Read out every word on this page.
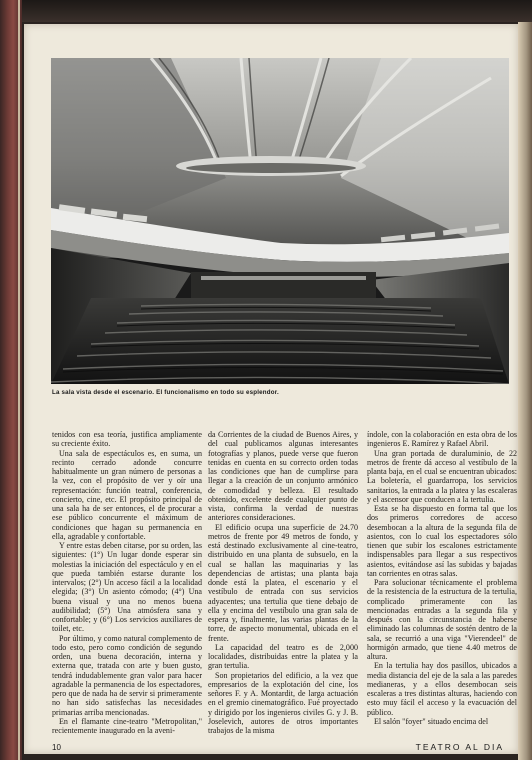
La sala vista desde el escenario. El funcionalismo en todo su esplendor.

tenidos con esa teoría, justifica ampliamente su creciente éxito.

Una sala de espectáculos es, en suma, un recinto cerrado adonde concurre habitualmente un gran número de personas a la vez, con el propósito de ver y oír una representación: función teatral, conferencia, concierto, cine, etc. El propósito principal de una sala ha de ser entonces, el de procurar a ese público concurrente el máximum de condiciones que hagan su permanencia en ella, agradable y confortable.

Y entre estas deben citarse, por su orden, las siguientes: (1°) Un lugar donde esperar sin molestias la iniciación del espectáculo y en el que pueda también estarse durante los intervalos; (2°) Un acceso fácil a la localidad elegida; (3°) Un asiento cómodo; (4°) Una buena visual y una no menos buena audibilidad; (5°) Una atmósfera sana y confortable; y (6°) Los servicios auxiliares de toilet, etc.

Por último, y como natural complemento de todo esto, pero como condición de segundo orden, una buena decoración, interna y externa que, tratada con arte y buen gusto, tendrá indudablemente gran valor para hacer agradable la permanencia de los espectadores, pero que de nada ha de servir si primeramente no han sido satisfechas las necesidades primarias arriba mencionadas.

En el flamante cine-teatro "Metropolitan," recientemente inaugurado en la aveni-

da Corrientes de la ciudad de Buenos Aires, y del cual publicamos algunas interesantes fotografías y planos, puede verse que fueron tenidas en cuenta en su correcto orden todas las condiciones que han de cumplirse para llegar a la creación de un conjunto armónico de comodidad y belleza. El resultado obtenido, excelente desde cualquier punto de vista, confirma la verdad de nuestras anteriores consideraciones.

El edificio ocupa una superficie de 24.70 metros de frente por 49 metros de fondo, y está destinado exclusivamente al cine-teatro, distribuido en una planta de subsuelo, en la cual se hallan las maquinarias y las dependencias de artistas; una planta baja donde está la platea, el escenario y el vestíbulo de entrada con sus servicios adyacentes; una tertulia que tiene debajo de ella y encima del vestíbulo una gran sala de espera y, finalmente, las varias plantas de la torre, de aspecto monumental, ubicada en el frente.

La capacidad del teatro es de 2,000 localidades, distribuidas entre la platea y la gran tertulia.

Son propietarios del edificio, a la vez que empresarios de la explotación del cine, los señores F. y A. Montardit, de larga actuación en el gremio cinematográfico. Fué proyectado y dirigido por los ingenieros civiles G. y J. B. Joselevich, autores de otros importantes trabajos de la misma

índole, con la colaboración en esta obra de los ingenieros E. Ramírez y Rafael Abril.

Una gran portada de duraluminio, de 22 metros de frente dá acceso al vestíbulo de la planta baja, en el cual se encuentran ubicados: La boletería, el guardarropa, los servicios sanitarios, la entrada a la platea y las escaleras y el ascensor que conducen a la tertulia.

Esta se ha dispuesto en forma tal que los dos primeros corredores de acceso desembocan a la altura de la segunda fila de asientos, con lo cual los espectadores sólo tienen que subir los escalones estrictamente indispensables para llegar a sus respectivos asientos, evitándose así las subidas y bajadas tan corrientes en otras salas.

Para solucionar técnicamente el problema de la resistencia de la estructura de la tertulia, complicado primeramente con las mencionadas entradas a la segunda fila y después con la circunstancia de haberse eliminado las columnas de sostén dentro de la sala, se recurrió a una viga "Vierendeel" de hormigón armado, que tiene 4.40 metros de altura.

En la tertulia hay dos pasillos, ubicados a media distancia del eje de la sala a las paredes medianeras, y a ellos desembocan seis escaleras a tres distintas alturas, haciendo con esto muy fácil el acceso y la evacuación del público.

El salón "foyer" situado encima del

10	TEATRO AL DIA
